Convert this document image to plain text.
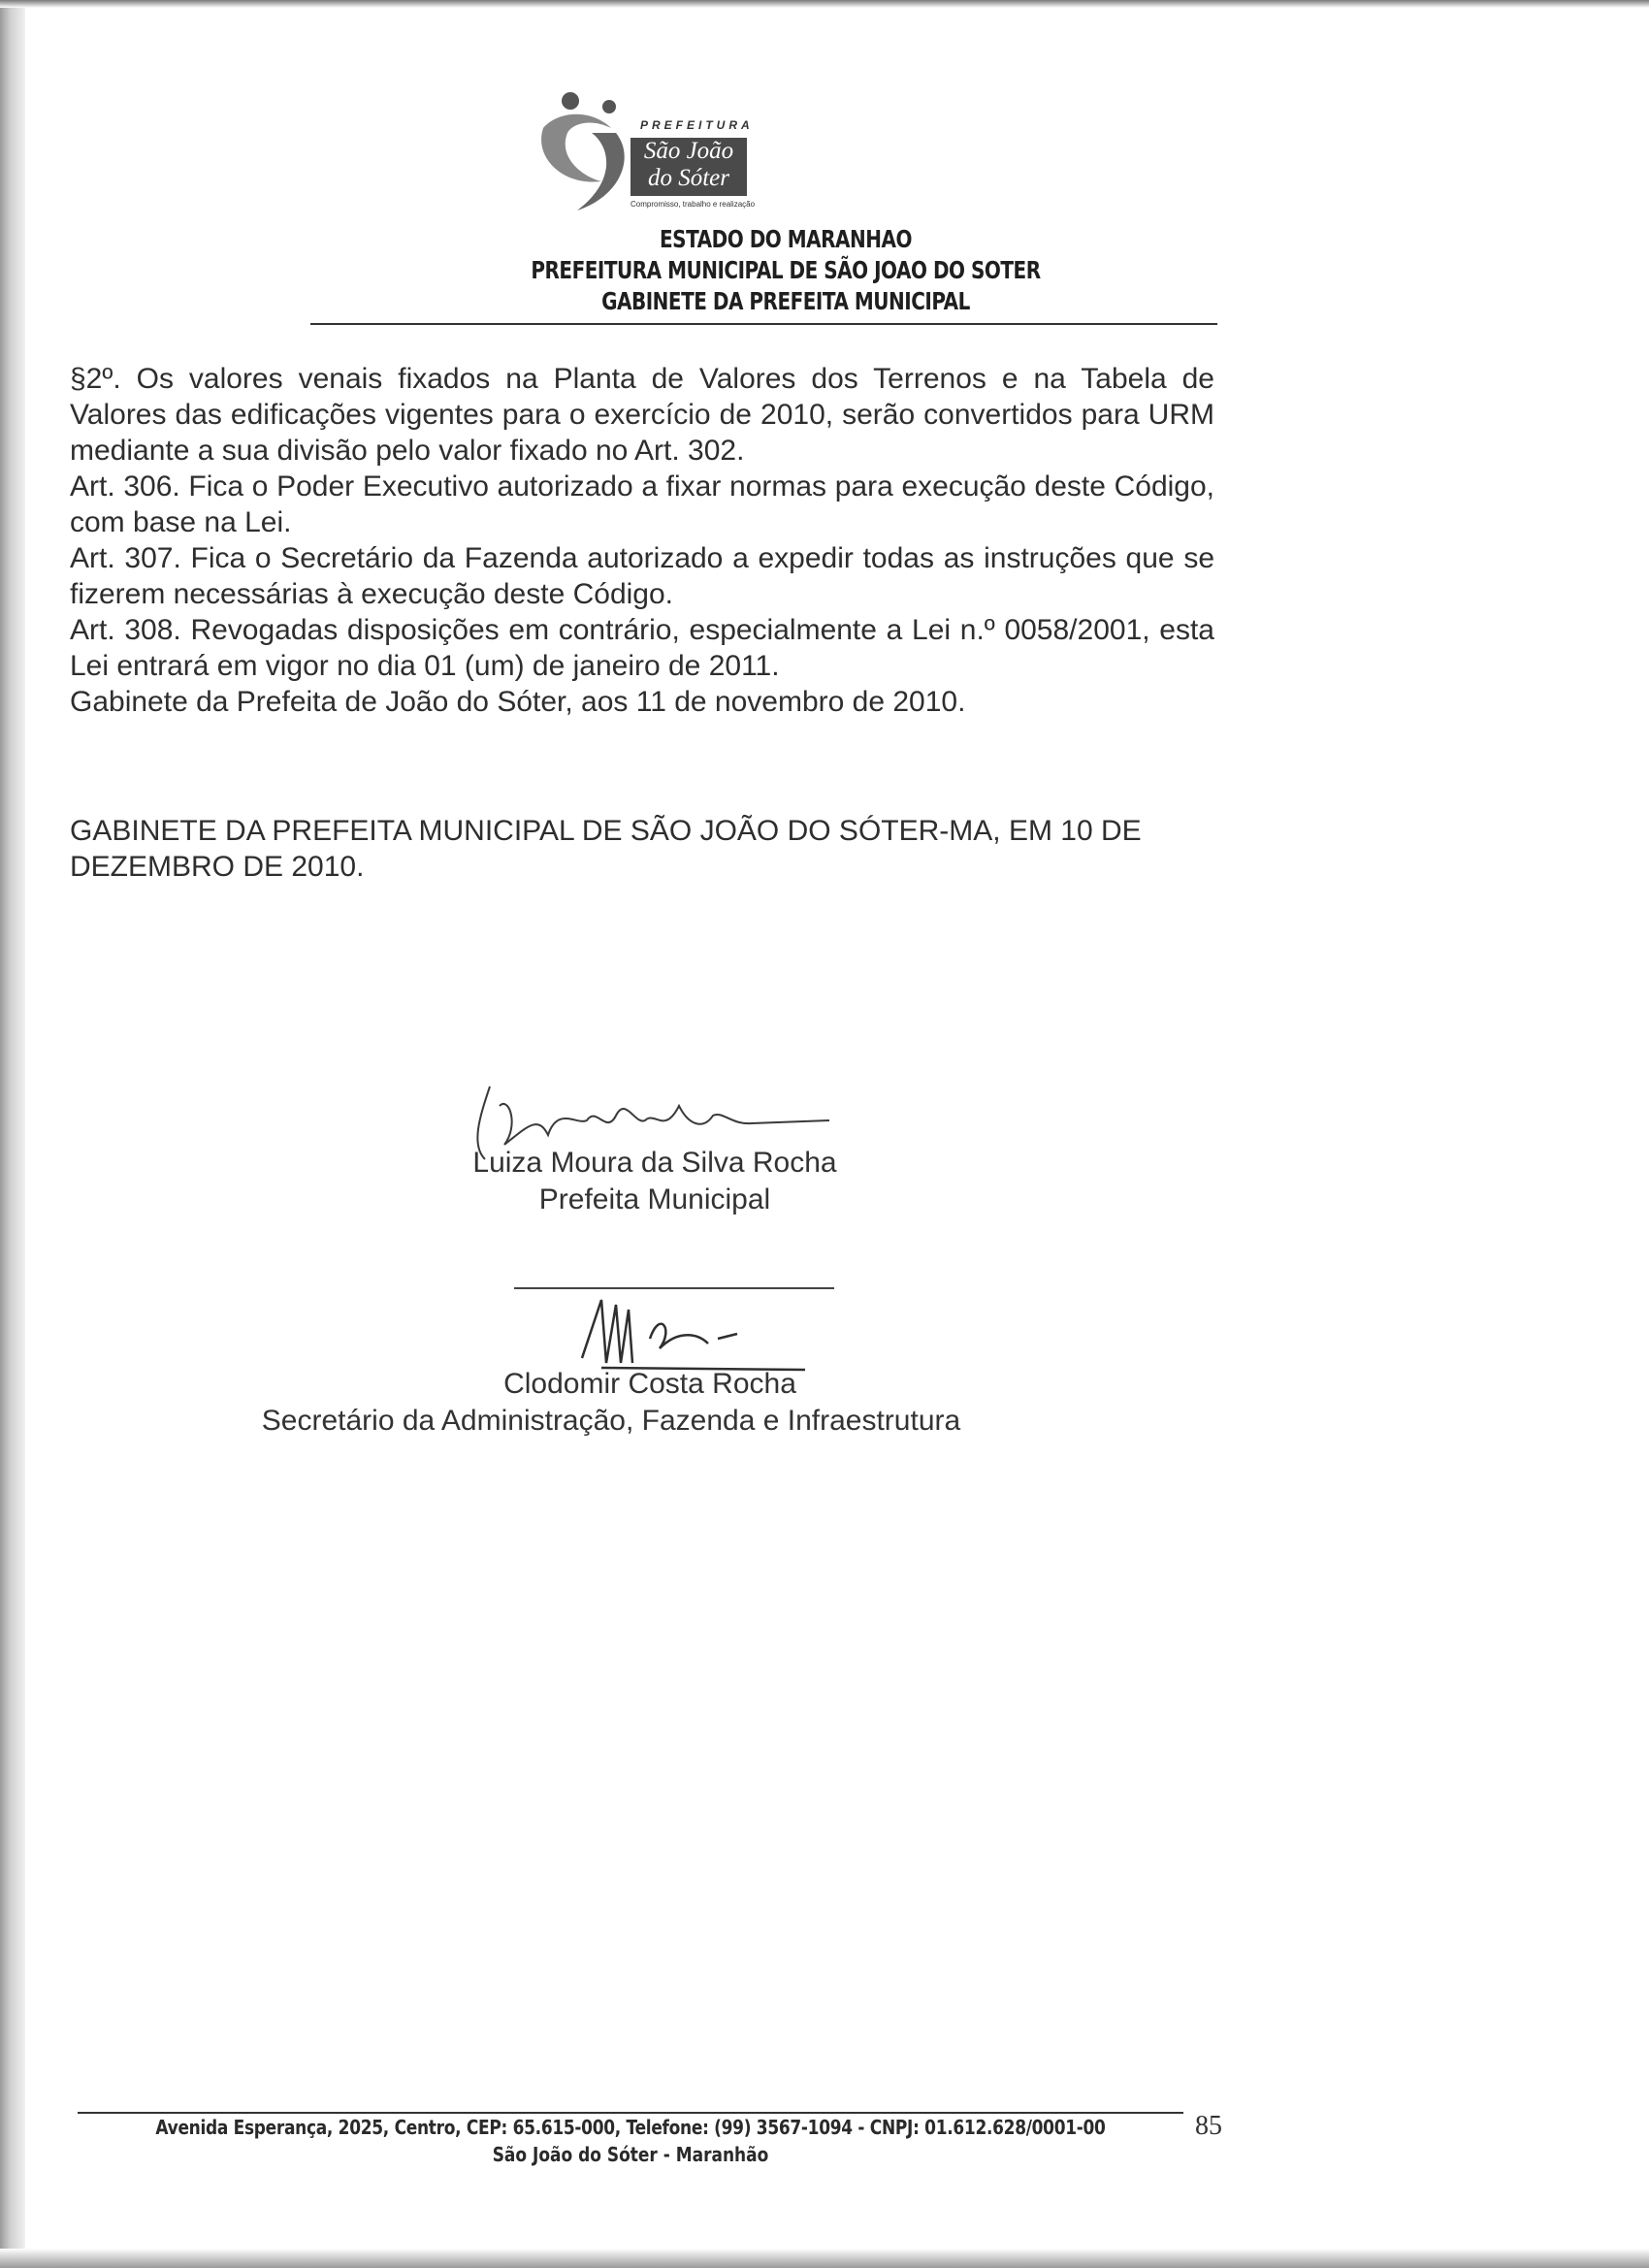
PREFEITURA
São João
do Sóter
Compromisso, trabalho e realização
ESTADO DO MARANHAO
PREFEITURA MUNICIPAL DE SÃO JOAO DO SOTER
GABINETE DA PREFEITA MUNICIPAL

§2º. Os valores venais fixados na Planta de Valores dos Terrenos e na Tabela de Valores das edificações vigentes para o exercício de 2010, serão convertidos para URM mediante a sua divisão pelo valor fixado no Art. 302.

Art. 306. Fica o Poder Executivo autorizado a fixar normas para execução deste Código, com base na Lei.

Art. 307. Fica o Secretário da Fazenda autorizado a expedir todas as instruções que se fizerem necessárias à execução deste Código.

Art. 308. Revogadas disposições em contrário, especialmente a Lei n.º 0058/2001, esta Lei entrará em vigor no dia 01 (um) de janeiro de 2011.

Gabinete da Prefeita de João do Sóter, aos 11 de novembro de 2010.

GABINETE DA PREFEITA MUNICIPAL DE SÃO JOÃO DO SÓTER-MA, EM 10 DE DEZEMBRO DE 2010.
Luiza Moura da Silva Rocha
Prefeita Municipal
Clodomir Costa Rocha
Secretário da Administração, Fazenda e Infraestrutura
Avenida Esperança, 2025, Centro, CEP: 65.615-000, Telefone: (99) 3567-1094 - CNPJ: 01.612.628/0001-00
São João do Sóter - Maranhão
85
